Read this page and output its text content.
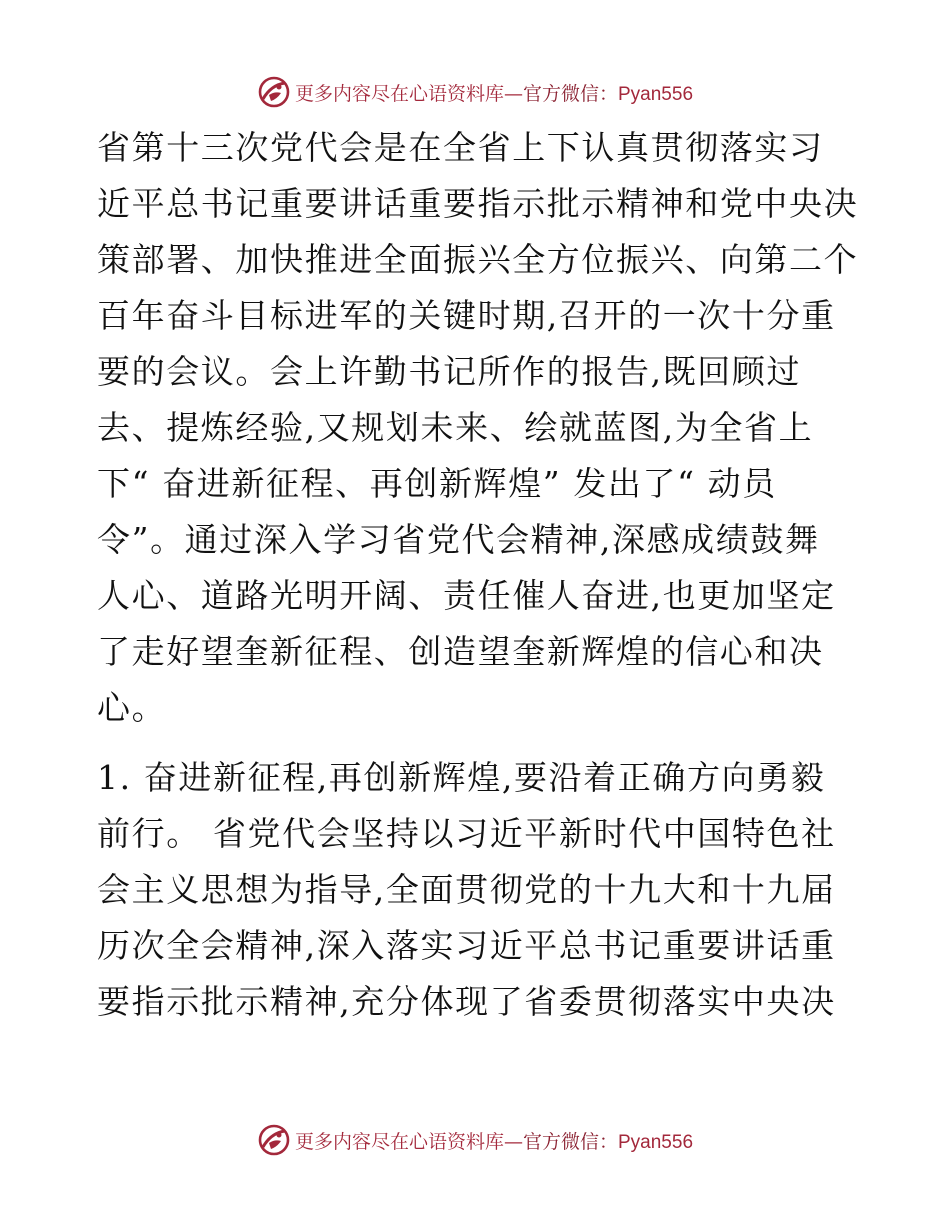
更多内容尽在心语资料库—官方微信：Pyan556
省第十三次党代会是在全省上下认真贯彻落实习
近平总书记重要讲话重要指示批示精神和党中央决
策部署、加快推进全面振兴全方位振兴、向第二个
百年奋斗目标进军的关键时期,召开的一次十分重
要的会议。会上许勤书记所作的报告,既回顾过
去、提炼经验,又规划未来、绘就蓝图,为全省上
下“ 奋进新征程、再创新辉煌” 发出了“ 动员
令”。通过深入学习省党代会精神,深感成绩鼓舞
人心、道路光明开阔、责任催人奋进,也更加坚定
了走好望奎新征程、创造望奎新辉煌的信心和决
心。
1. 奋进新征程,再创新辉煌,要沿着正确方向勇毅
前行。 省党代会坚持以习近平新时代中国特色社
会主义思想为指导,全面贯彻党的十九大和十九届
历次全会精神,深入落实习近平总书记重要讲话重
要指示批示精神,充分体现了省委贯彻落实中央决
更多内容尽在心语资料库—官方微信：Pyan556
